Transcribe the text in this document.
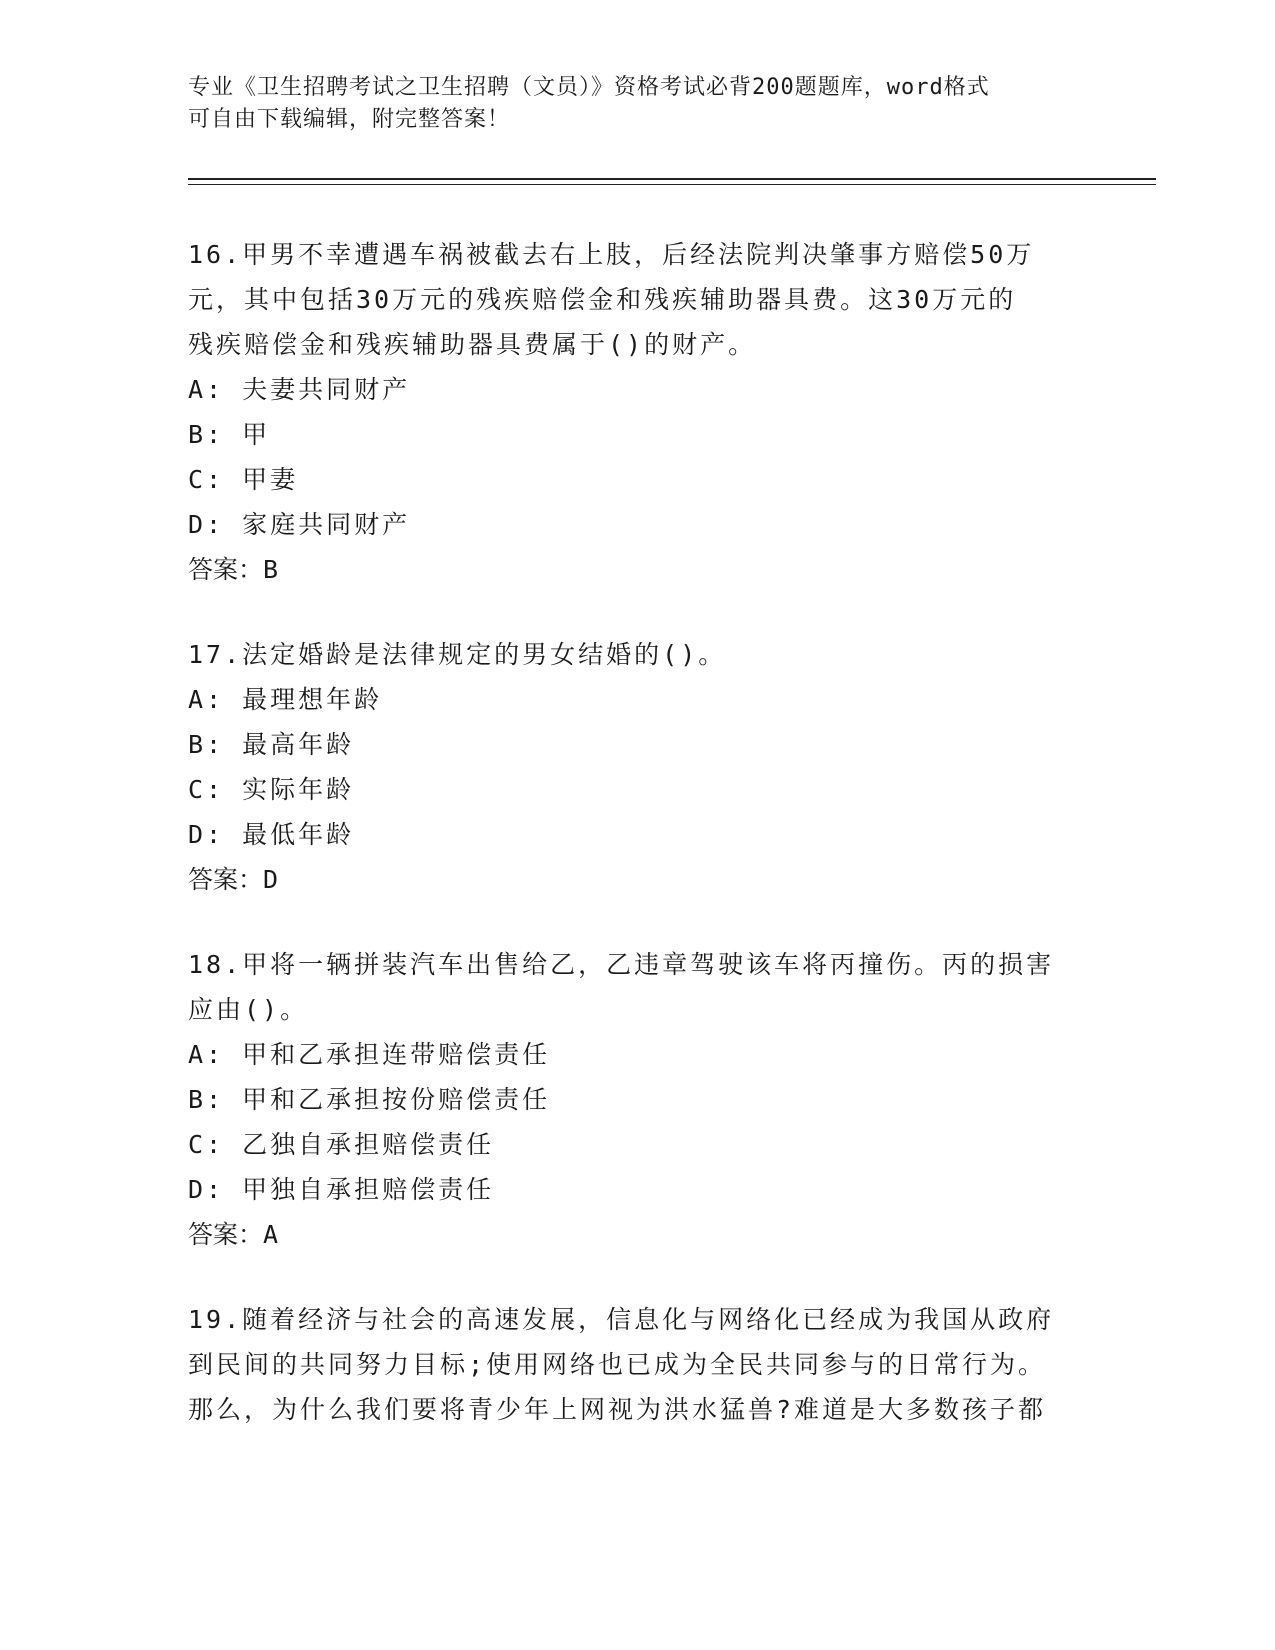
专业《卫生招聘考试之卫生招聘（文员）》资格考试必背200题题库，word格式
可自由下载编辑，附完整答案！
16.甲男不幸遭遇车祸被截去右上肢，后经法院判决肇事方赔偿50万
元，其中包括30万元的残疾赔偿金和残疾辅助器具费。这30万元的
残疾赔偿金和残疾辅助器具费属于()的财产。
A: 夫妻共同财产
B: 甲
C: 甲妻
D: 家庭共同财产
答案：B
17.法定婚龄是法律规定的男女结婚的()。
A: 最理想年龄
B: 最高年龄
C: 实际年龄
D: 最低年龄
答案：D
18.甲将一辆拼装汽车出售给乙，乙违章驾驶该车将丙撞伤。丙的损害
应由()。
A: 甲和乙承担连带赔偿责任
B: 甲和乙承担按份赔偿责任
C: 乙独自承担赔偿责任
D: 甲独自承担赔偿责任
答案：A
19.随着经济与社会的高速发展，信息化与网络化已经成为我国从政府
到民间的共同努力目标;使用网络也已成为全民共同参与的日常行为。
那么，为什么我们要将青少年上网视为洪水猛兽?难道是大多数孩子都
